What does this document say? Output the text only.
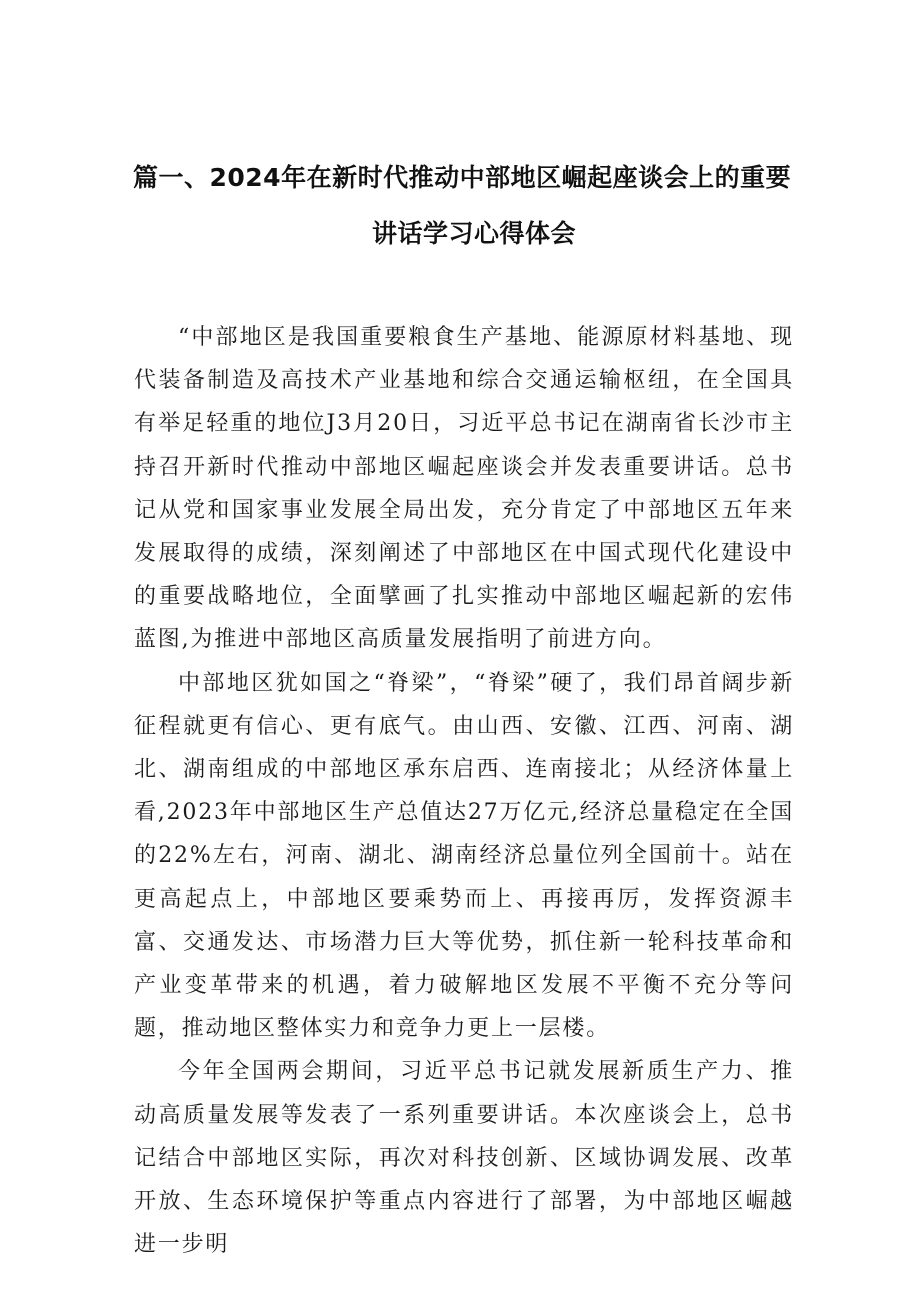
篇一、2024年在新时代推动中部地区崛起座谈会上的重要
讲话学习心得体会

“中部地区是我国重要粮食生产基地、能源原材料基地、现代装备制造及高技术产业基地和综合交通运输枢纽，在全国具有举足轻重的地位J3月20日，习近平总书记在湖南省长沙市主持召开新时代推动中部地区崛起座谈会并发表重要讲话。总书记从党和国家事业发展全局出发，充分肯定了中部地区五年来发展取得的成绩，深刻阐述了中部地区在中国式现代化建设中的重要战略地位，全面擘画了扎实推动中部地区崛起新的宏伟蓝图,为推进中部地区高质量发展指明了前进方向。

中部地区犹如国之“脊梁”，“脊梁”硬了，我们昂首阔步新征程就更有信心、更有底气。由山西、安徽、江西、河南、湖北、湖南组成的中部地区承东启西、连南接北；从经济体量上看,2023年中部地区生产总值达27万亿元,经济总量稳定在全国的22%左右，河南、湖北、湖南经济总量位列全国前十。站在更高起点上，中部地区要乘势而上、再接再厉，发挥资源丰富、交通发达、市场潜力巨大等优势，抓住新一轮科技革命和产业变革带来的机遇，着力破解地区发展不平衡不充分等问题，推动地区整体实力和竞争力更上一层楼。

今年全国两会期间，习近平总书记就发展新质生产力、推动高质量发展等发表了一系列重要讲话。本次座谈会上，总书记结合中部地区实际，再次对科技创新、区域协调发展、改革开放、生态环境保护等重点内容进行了部署，为中部地区崛越进一步明
